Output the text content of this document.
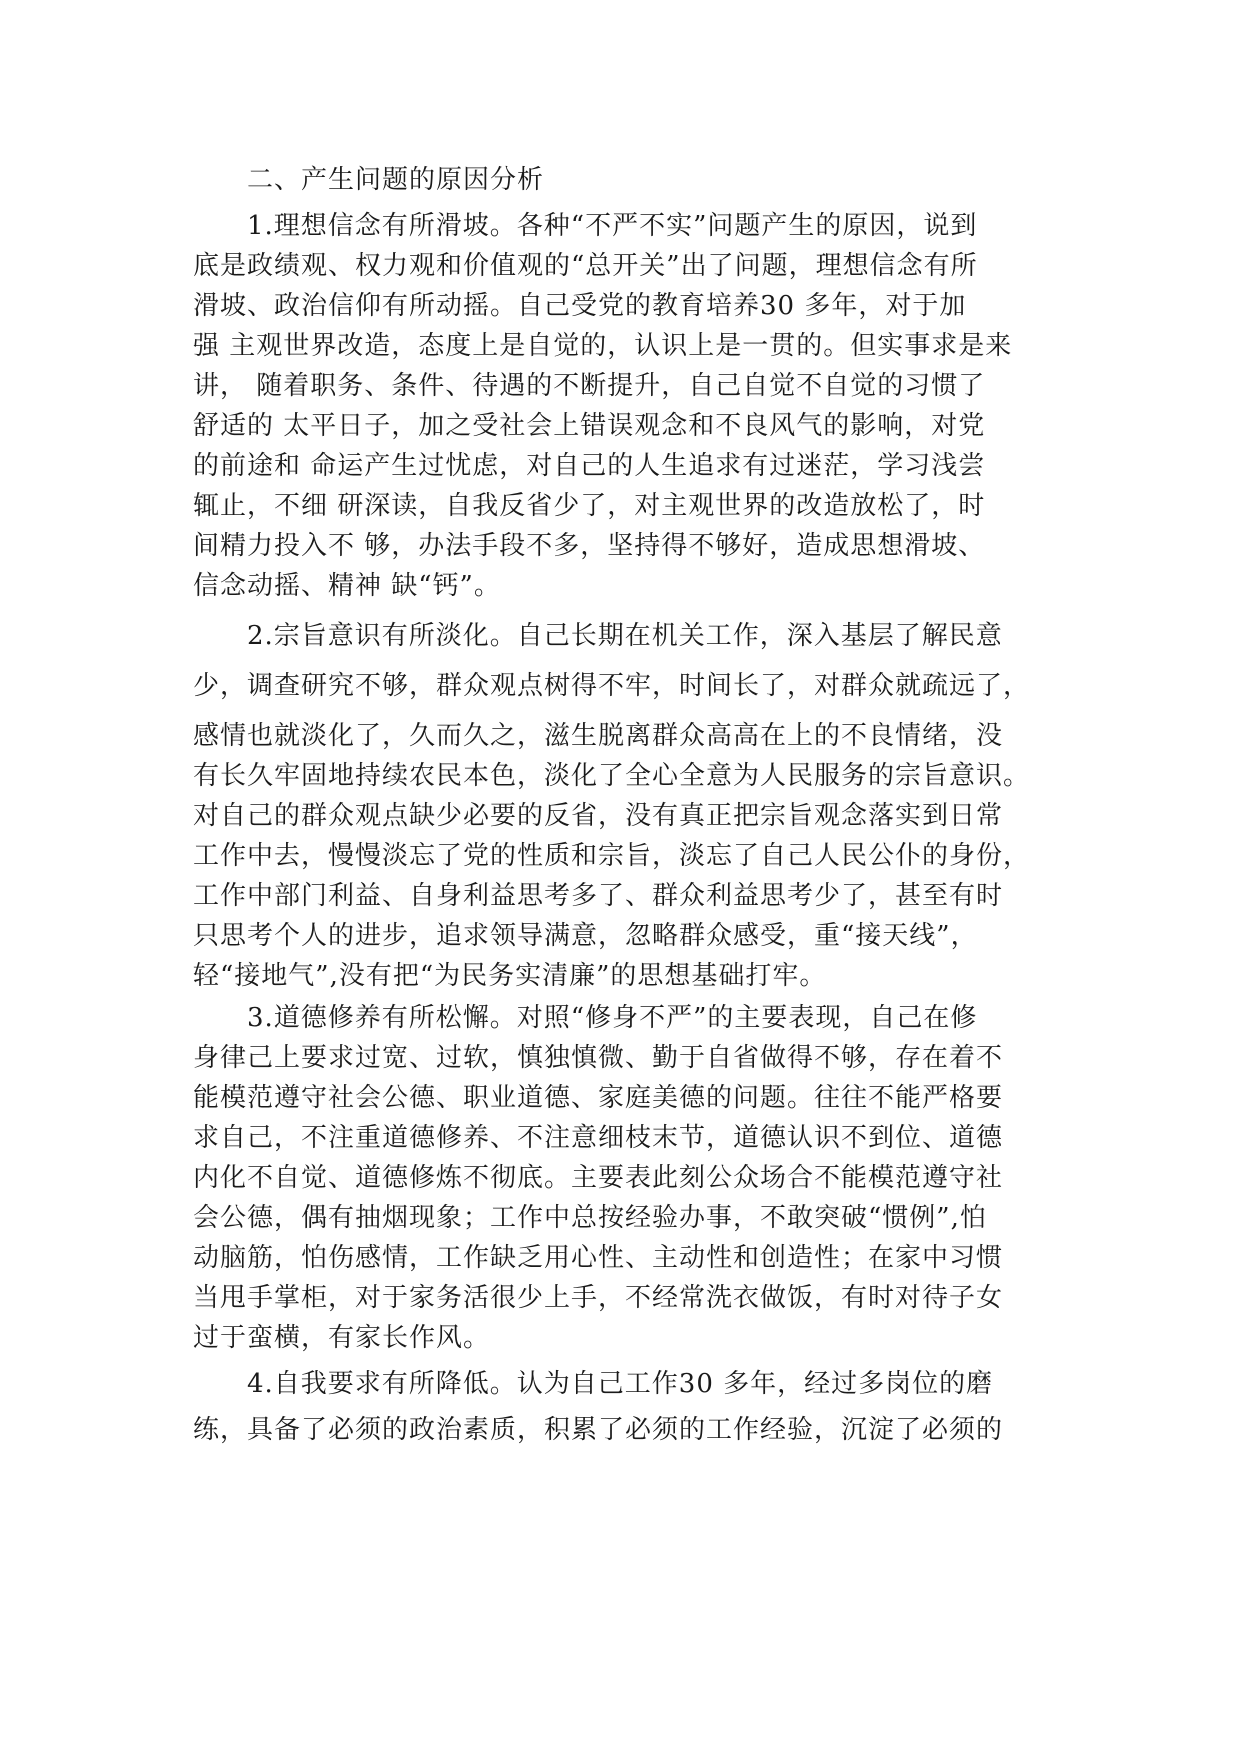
二、产生问题的原因分析
1.理想信念有所滑坡。各种“不严不实”问题产生的原因，说到
底是政绩观、权力观和价值观的“总开关”出了问题，理想信念有所
滑坡、政治信仰有所动摇。自己受党的教育培养30 多年，对于加
强 主观世界改造，态度上是自觉的，认识上是一贯的。但实事求是来
讲， 随着职务、条件、待遇的不断提升，自己自觉不自觉的习惯了
舒适的 太平日子，加之受社会上错误观念和不良风气的影响，对党
的前途和 命运产生过忧虑，对自己的人生追求有过迷茫，学习浅尝
辄止，不细 研深读，自我反省少了，对主观世界的改造放松了，时
间精力投入不 够，办法手段不多，坚持得不够好，造成思想滑坡、
信念动摇、精神 缺“钙”。
2.宗旨意识有所淡化。自己长期在机关工作，深入基层了解民意
少，调查研究不够，群众观点树得不牢，时间长了，对群众就疏远了，
感情也就淡化了，久而久之，滋生脱离群众高高在上的不良情绪，没
有长久牢固地持续农民本色，淡化了全心全意为人民服务的宗旨意识。
对自己的群众观点缺少必要的反省，没有真正把宗旨观念落实到日常
工作中去，慢慢淡忘了党的性质和宗旨，淡忘了自己人民公仆的身份，
工作中部门利益、自身利益思考多了、群众利益思考少了，甚至有时
只思考个人的进步，追求领导满意，忽略群众感受，重“接天线”，
轻“接地气”,没有把“为民务实清廉”的思想基础打牢。
3.道德修养有所松懈。对照“修身不严”的主要表现，自己在修
身律己上要求过宽、过软，慎独慎微、勤于自省做得不够，存在着不
能模范遵守社会公德、职业道德、家庭美德的问题。往往不能严格要
求自己，不注重道德修养、不注意细枝末节，道德认识不到位、道德
内化不自觉、道德修炼不彻底。主要表此刻公众场合不能模范遵守社
会公德，偶有抽烟现象；工作中总按经验办事，不敢突破“惯例”,怕
动脑筋，怕伤感情，工作缺乏用心性、主动性和创造性；在家中习惯
当甩手掌柜，对于家务活很少上手，不经常洗衣做饭，有时对待子女
过于蛮横，有家长作风。
4.自我要求有所降低。认为自己工作30 多年，经过多岗位的磨
练，具备了必须的政治素质，积累了必须的工作经验，沉淀了必须的
